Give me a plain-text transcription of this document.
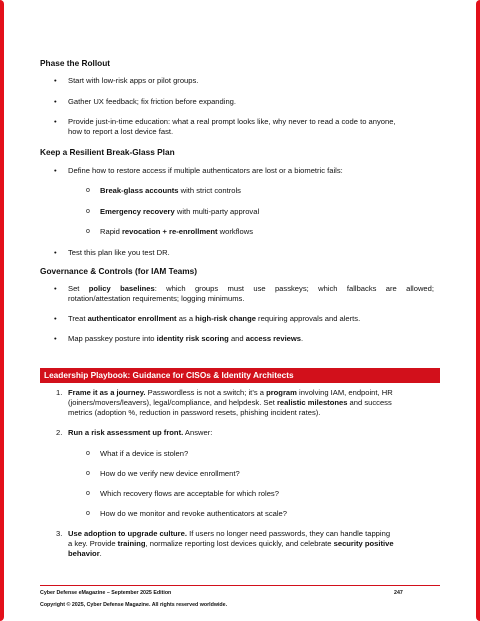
Phase the Rollout
• Start with low-risk apps or pilot groups.
• Gather UX feedback; fix friction before expanding.
• Provide just-in-time education: what a real prompt looks like, why never to read a code to anyone,
how to report a lost device fast.
Keep a Resilient Break-Glass Plan
• Define how to restore access if multiple authenticators are lost or a biometric fails:
o Break-glass accounts with strict controls
o Emergency recovery with multi-party approval
o Rapid revocation + re-enrollment workflows
• Test this plan like you test DR.
Governance & Controls (for IAM Teams)
• Set policy baselines: which groups must use passkeys; which fallbacks are allowed;
rotation/attestation requirements; logging minimums.
• Treat authenticator enrollment as a high-risk change requiring approvals and alerts.
• Map passkey posture into identity risk scoring and access reviews.
Leadership Playbook: Guidance for CISOs & Identity Architects
1. Frame it as a journey. Passwordless is not a switch; it’s a program involving IAM, endpoint, HR
(joiners/movers/leavers), legal/compliance, and helpdesk. Set realistic milestones and success
metrics (adoption %, reduction in password resets, phishing incident rates).
2. Run a risk assessment up front. Answer:
o What if a device is stolen?
o How do we verify new device enrollment?
o Which recovery flows are acceptable for which roles?
o How do we monitor and revoke authenticators at scale?
3. Use adoption to upgrade culture. If users no longer need passwords, they can handle tapping
a key. Provide training, normalize reporting lost devices quickly, and celebrate security positive
behavior.
Cyber Defense eMagazine – September 2025 Edition	247
Copyright © 2025, Cyber Defense Magazine. All rights reserved worldwide.
